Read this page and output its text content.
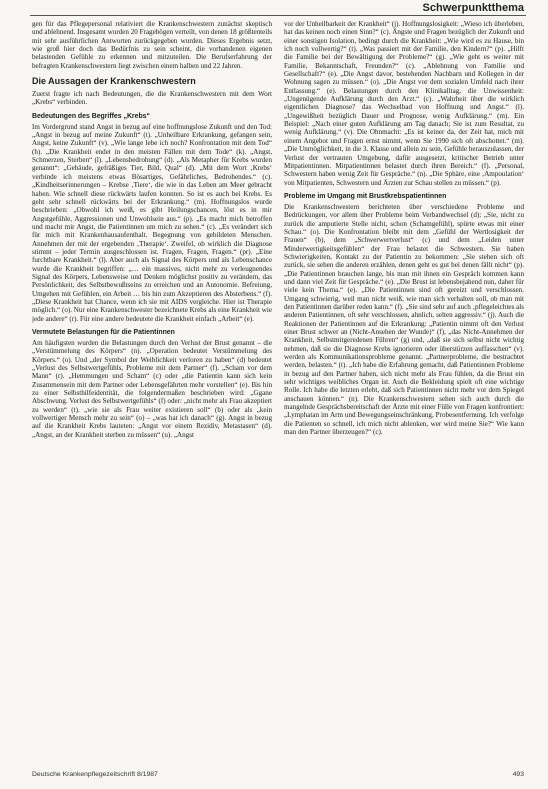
Schwerpunktthema

gen für das Pflegepersonal relativiert die Krankenschwestern zunächst skeptisch und ablehnend. Insgesamt wurden 20 Fragebögen verteilt, von denen 18 größtenteils mit sehr ausführlichen Antworten zurückgegeben wurden. Dieses Ergebnis setzt, wie groß hier doch das Bedürfnis zu sein scheint, die vorhandenen eigenen belastenden Gefühle zu erkennen und mitzuteilen. Die Berufserfahrung der befragten Krankenschwestern liegt zwischen einem halben und 22 Jahren.

Die Aussagen der Krankenschwestern

Zuerst fragte ich nach Bedeutungen, die die Krankenschwestern mit dem Wort „Krebs“ verbinden.

Bedeutungen des Begriffes „Krebs“

Im Vordergrund stand Angst in bezug auf eine hoffnungslose Zukunft und den Tod: „Angst in bezug auf meine Zukunft“ (t). „Unheilbare Erkrankung, gefangen sein, Angst, keine Zukunft“ (v). „Wie lange lebe ich noch? Konfrontation mit dem Tod“ (h). „Die Krankheit endet in den meisten Fällen mit dem Tode“ (k). „Angst, Schmerzen, Sterben“ (l). „Lebensbedrohung“ (d). „Als Metapher für Krebs wurden genannt“: „Gebäude, gefräßiges Tier, Bild, Qual“ (d). „Mit dem Wort ‚Krebs‘ verbinde ich meistens etwas Bösartiges, Gefährliches, Bedrohendes.“ (c). „Kindheitserinnerungen – Krebse ‚Tiere‘, die wie in das Leben am Meer gebracht haben. Wie schnell diese rückwärts laufen konnten. So ist es auch bei Krebs. Es geht sehr schnell rückwärts bei der Erkrankung.“ (m). Hoffnungslos wurde beschrieben: „Obwohl ich weiß, es gibt Heilungschancen, löst es in mir Angstgefühle, Aggressionen und Unwohlsein aus.“ (p). „Es macht mich betroffen und macht mir Angst, die Patientinnen um mich zu sehen.“ (c). „Es verändert sich für mich mit Krankenhausaufenthalt. Begegnung von gebildeten Menschen. Annehmen der mit der ergebenden ‚Therapie‘. Zweifel, ob wirklich die Diagnose stimmt – jeder Termin ausgeschlossen ist. Fragen, Fragen, Fragen.“ (pr). „Eine furchtbare Krankheit.“ (l). Aber auch als Signal des Körpers und als Lebenschance wurde die Krankheit begriffen: „… ein massives, nicht mehr zu verleugnendes Signal des Körpers, Lebensweise und Denken möglichst positiv zu verändern, das Persönlichkeit, des Selbstbewußtseins zu erreichen und an Autonomie. Befreiung, Umgehen mit Gefühlen, ein Arbeit … bis hin zum Akzeptieren des Absterbens.“ (f). „Diese Krankheit hat Chance, wenn ich sie mit AIDS vergleiche. Hier ist Therapie möglich.“ (o). Nur eine Krankenschwester bezeichnete Krebs als eine Krankheit wie jede andere“ (r). Für eine andere bedeutete die Krankheit einfach „Arbeit“ (e).

Vermutete Belastungen für die Patientinnen

Am häufigsten wurden die Belastungen durch den Verlust der Brust genannt – die „Verstümmelung des Körpers“ (n). „Operation bedeutet Verstümmelung des Körpers.“ (o). Und „der Symbol der Weiblichkeit verloren zu haben“ (d) bedeutet „Verlust des Selbstwertgefühls, Probleme mit dem Partner“ (f). „Scham vor dem Mann“ (r). „Hemmungen und Scham“ (c) oder „die Patientin kann sich kein Zusammensein mit dem Partner oder Lebensgefährten mehr vorstellen“ (e). Bis hin zu einer Selbsthilfeidentität, die folgendermaßen beschrieben wird: „Ggane Abschwung. Verlust des Selbstwertgefühls“ (f) oder: „nicht mehr als Frau akzeptiert zu werden“ (t). „wie sie als Frau weiter existieren soll“ (b) oder als „kein vollwertiger Mensch mehr zu sein“ (o) – „was hat ich danach“ (g). Angst in bezug auf die Krankheit Krebs lauteten: „Angst vor einem Rezidiv, Metastasen“ (d). „Angst, an der Krankheit sterben zu müssen“ (u). „Angst

vor der Unheilbarkeit der Krankheit“ (j). Hoffnungslosigkeit: „Wieso ich überleben, hat das keinen noch einen Sinn?“ (c). Ängste und Fragen bezüglich der Zukunft und einer sonstigen Isolation, bedingt durch die Krankheit: „Wie wird es zu Hause, bin ich noch vollwertig?“ (t). „Was passiert mit der Familie, den Kindern?“ (p). „Hilft die Familie bei der Bewältigung der Probleme?“ (g). „Wie geht es weiter mit Familie, Bekanntschaft, Freunden?“ (c). „Ablehnung von Familie und Gesellschaft?“ (e). „Die Angst davor, bestehenden Nachbarn und Kollegen in der Wohnung sagen zu müssen.“ (o). „Die Angst vor dem sozialen Umfeld nach ihrer Entlassung.“ (e). Belastungen durch den Klinikalltag, die Unwissenheit: „Ungenügende Aufklärung durch den Arzt.“ (c). „Wahrheit über die wirklich eigentlichen Diagnose? das Wechselbad von Hoffnung und Angst.“ (l). „Ungewißheit bezüglich Dauer und Prognose, wenig Aufklärung.“ (m). Ein Beispiel: „Nach einer guten Aufklärung am Tag danach; Sie ist zum Resultat, zu wenig Aufklärung.“ (v). Die Ohnmacht: „Es ist keiner da, der Zeit hat, mich mit einem Angebot und Fragen ernst nimmt, wenn Sie 1990 sich oft abschottet.“ (m). „Die Unmöglichkeit, in die 3. Klasse und allein zu sein, Gefühle herauszulassen, der Verlust der vertrauten Umgebung, dafür ausgesetzt, kritischer Betrieb unter Mitpatientinnen. Mitpatientinnen belastet durch ihren Bereich.“ (f). „Personal, Schwestern haben wenig Zeit für Gespräche.“ (n). „Die Sphäre, eine ‚Ampoulation‘ von Mitpatienten, Schwestern und Ärzten zur Schau stellen zu müssen.“ (p).

Probleme im Umgang mit Brustkrebspatientinnen

Die Krankenschwestern berichteten über verschiedene Probleme und Bedrückungen, vor allem über Probleme beim Verbandwechsel (d): „Sie, nicht zu zurück die amputierte Stelle nicht, schon (Schamgefühl), spürte etwas mit einer Schau.“ (o). Die Konfrontation bleibt mit dem „Gefühl der Wertlosigkeit der Frauen“ (b), dem „Schwerwertverlust“ (c) und dem „Leiden unter Minderwertigkeitsgefühlen“ der Frau belastet die Schwestern. Sie haben Schwierigkeiten, Kontakt zu der Patientin zu bekommen: „Sie stehen sich oft zurück, sie sehen die anderen erzählen, denen geht es gut bei denen fällt nicht“ (p). „Die Patientinnen brauchen lange, bis man mit ihnen ein Gespräch kommen kann und dann viel Zeit für Gespräche.“ (e). „Die Brust ist lebensbejahend nun, daher für viele kein Thema.“ (e). „Die Patientinnen sind oft gereizt und verschlossen. Umgang schwierig, weil man nicht weiß, wie man sich verhalten soll, ob man mit den Patientinnen darüber reden kann.“ (f). „Sie sind sehr auf auch ‚pflegeleichtes als anderen Patientinnen, oft sehr verschlossen, ahnlich, selten aggressiv.“ (j). Auch die Reaktionen der Patientinnen auf die Erkrankung: „Patientin nimmt oft den Verlust einer Brust schwer an (Nicht-Ansehen der Wunde)“ (f), „das Nicht-Annehmen der Krankheit, Selbstmitgeredenen Führen“ (g) und, „daß sie sich selbst nicht wichtig nehmen, daß sie die Diagnose Krebs ignorieren oder überstürzen auffasschen“ (v). werden als Kommunikationsprobleme genannt. „Partnerprobleme, die bestrachtet werden, belasten.“ (t). „Ich habe die Erfahrung gemacht, daß Patientinnen Probleme in bezug auf den Partner haben, sich nicht mehr als Frau fühlen, da die Brust ein sehr wichtiges weibliches Organ ist. Auch die Bekleidung spielt oft eine wichtige Rolle. Ich habe die letzten erlebt, daß sich Patientinnen nicht mehr vor dem Spiegel anschauen können.“ (n). Die Krankenschwestern sehen sich auch durch die mangelnde Gesprächsbereitschaft der Ärzte mit einer Fülle von Fragen konfrontiert: „Lymphatan im Arm und Bewegungseinschränkung, Probesentfernung. Ich verfolge die Patienten so schnell, ich mich nicht ablenken, wer wird meine Sie?“ Wie kann man den Partner überzeugen?“ (c).

Deutsche Krankenpflegezeitschrift 8/1987	493
